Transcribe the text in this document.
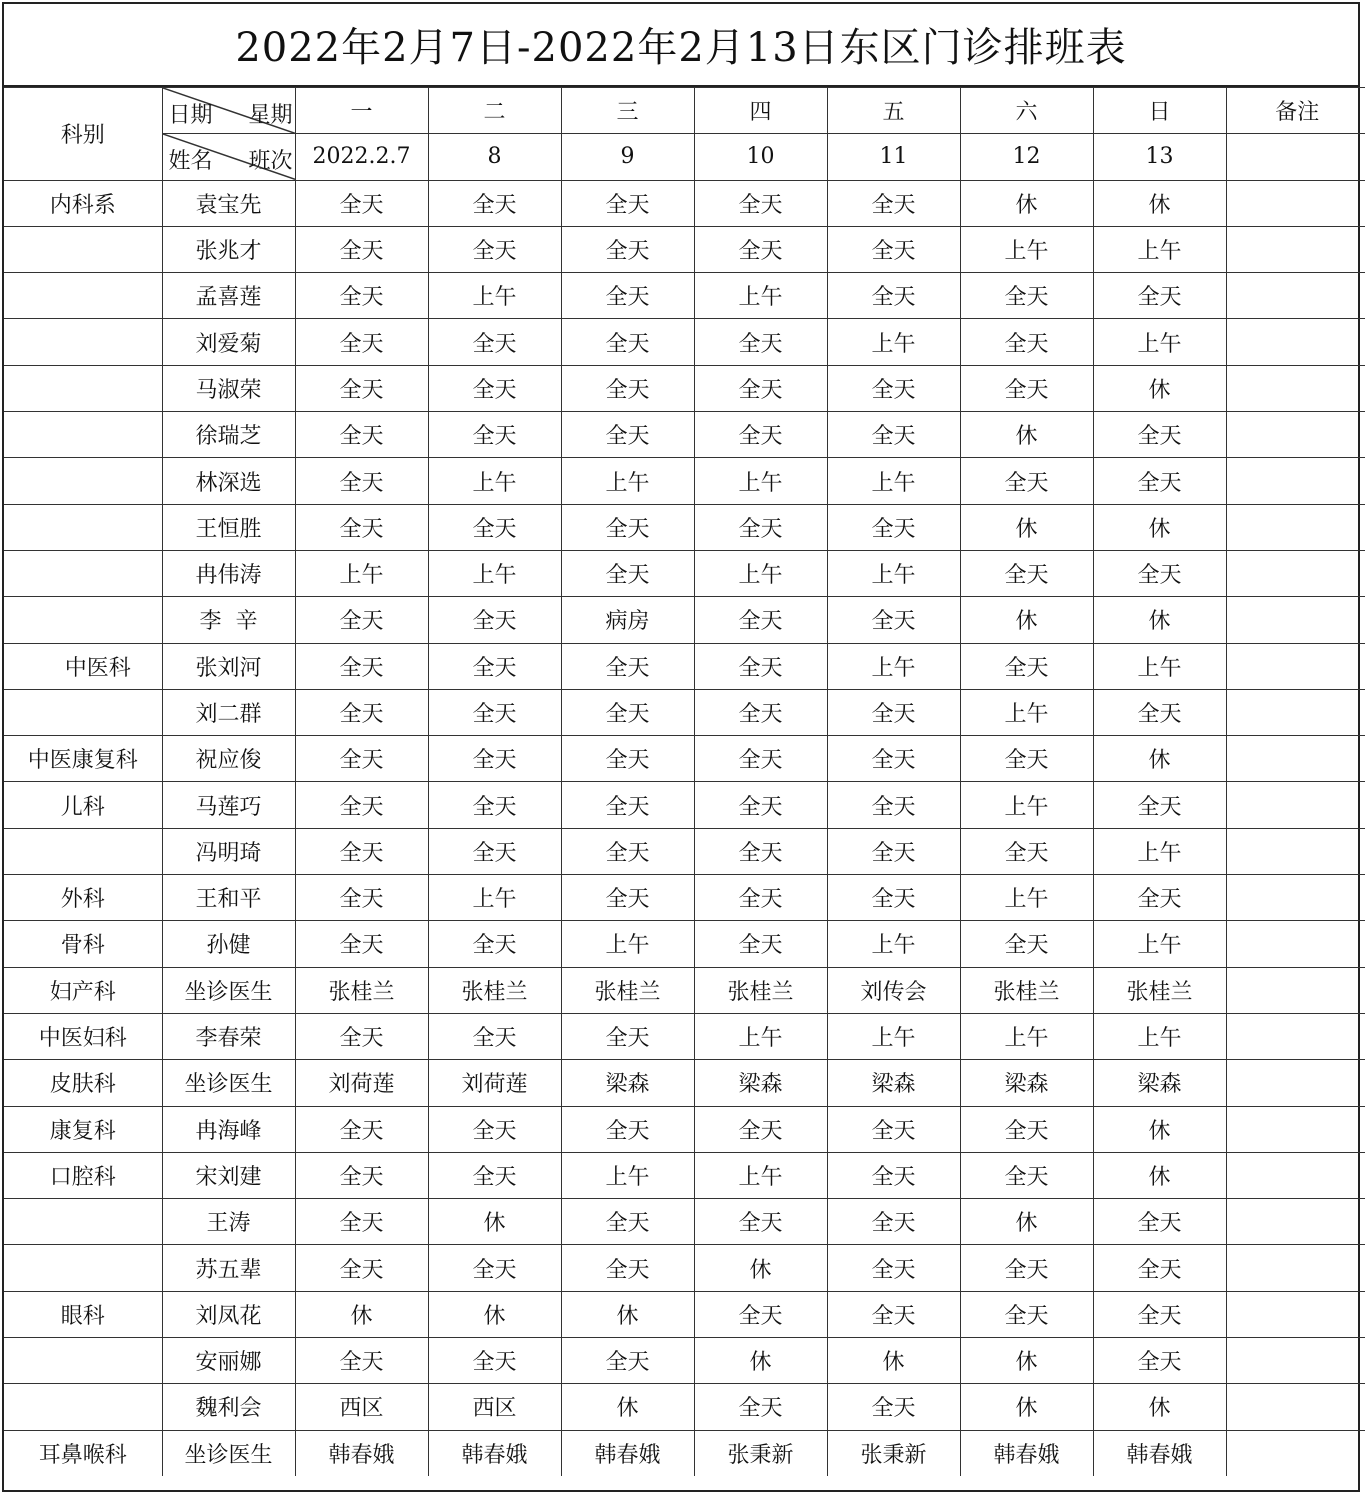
2022年2月7日-2022年2月13日东区门诊排班表
科别	日期 星期	一	二	三	四	五	六	日	备注

	姓名 班次	2022.2.7	8	9	10	11	12	13	
内科系	袁宝先	全天	全天	全天	全天	全天	休	休	
	张兆才	全天	全天	全天	全天	全天	上午	上午	
	孟喜莲	全天	上午	全天	上午	全天	全天	全天	
	刘爱菊	全天	全天	全天	全天	上午	全天	上午	
	马淑荣	全天	全天	全天	全天	全天	全天	休	
	徐瑞芝	全天	全天	全天	全天	全天	休	全天	
	林深选	全天	上午	上午	上午	上午	全天	全天	
	王恒胜	全天	全天	全天	全天	全天	休	休	
	冉伟涛	上午	上午	全天	上午	上午	全天	全天	
	李  辛	全天	全天	病房	全天	全天	休	休	
中医科	张刘河	全天	全天	全天	全天	上午	全天	上午	
	刘二群	全天	全天	全天	全天	全天	上午	全天	
中医康复科	祝应俊	全天	全天	全天	全天	全天	全天	休	
儿科	马莲巧	全天	全天	全天	全天	全天	上午	全天	
	冯明琦	全天	全天	全天	全天	全天	全天	上午	
外科	王和平	全天	上午	全天	全天	全天	上午	全天	
骨科	孙健	全天	全天	上午	全天	上午	全天	上午	
妇产科	坐诊医生	张桂兰	张桂兰	张桂兰	张桂兰	刘传会	张桂兰	张桂兰	
中医妇科	李春荣	全天	全天	全天	上午	上午	上午	上午	
皮肤科	坐诊医生	刘荷莲	刘荷莲	梁森	梁森	梁森	梁森	梁森	
康复科	冉海峰	全天	全天	全天	全天	全天	全天	休	
口腔科	宋刘建	全天	全天	上午	上午	全天	全天	休	
	王涛	全天	休	全天	全天	全天	休	全天	
	苏五辈	全天	全天	全天	休	全天	全天	全天	
眼科	刘凤花	休	休	休	全天	全天	全天	全天	
	安丽娜	全天	全天	全天	休	休	休	全天	
	魏利会	西区	西区	休	全天	全天	休	休	
耳鼻喉科	坐诊医生	韩春娥	韩春娥	韩春娥	张秉新	张秉新	韩春娥	韩春娥	
